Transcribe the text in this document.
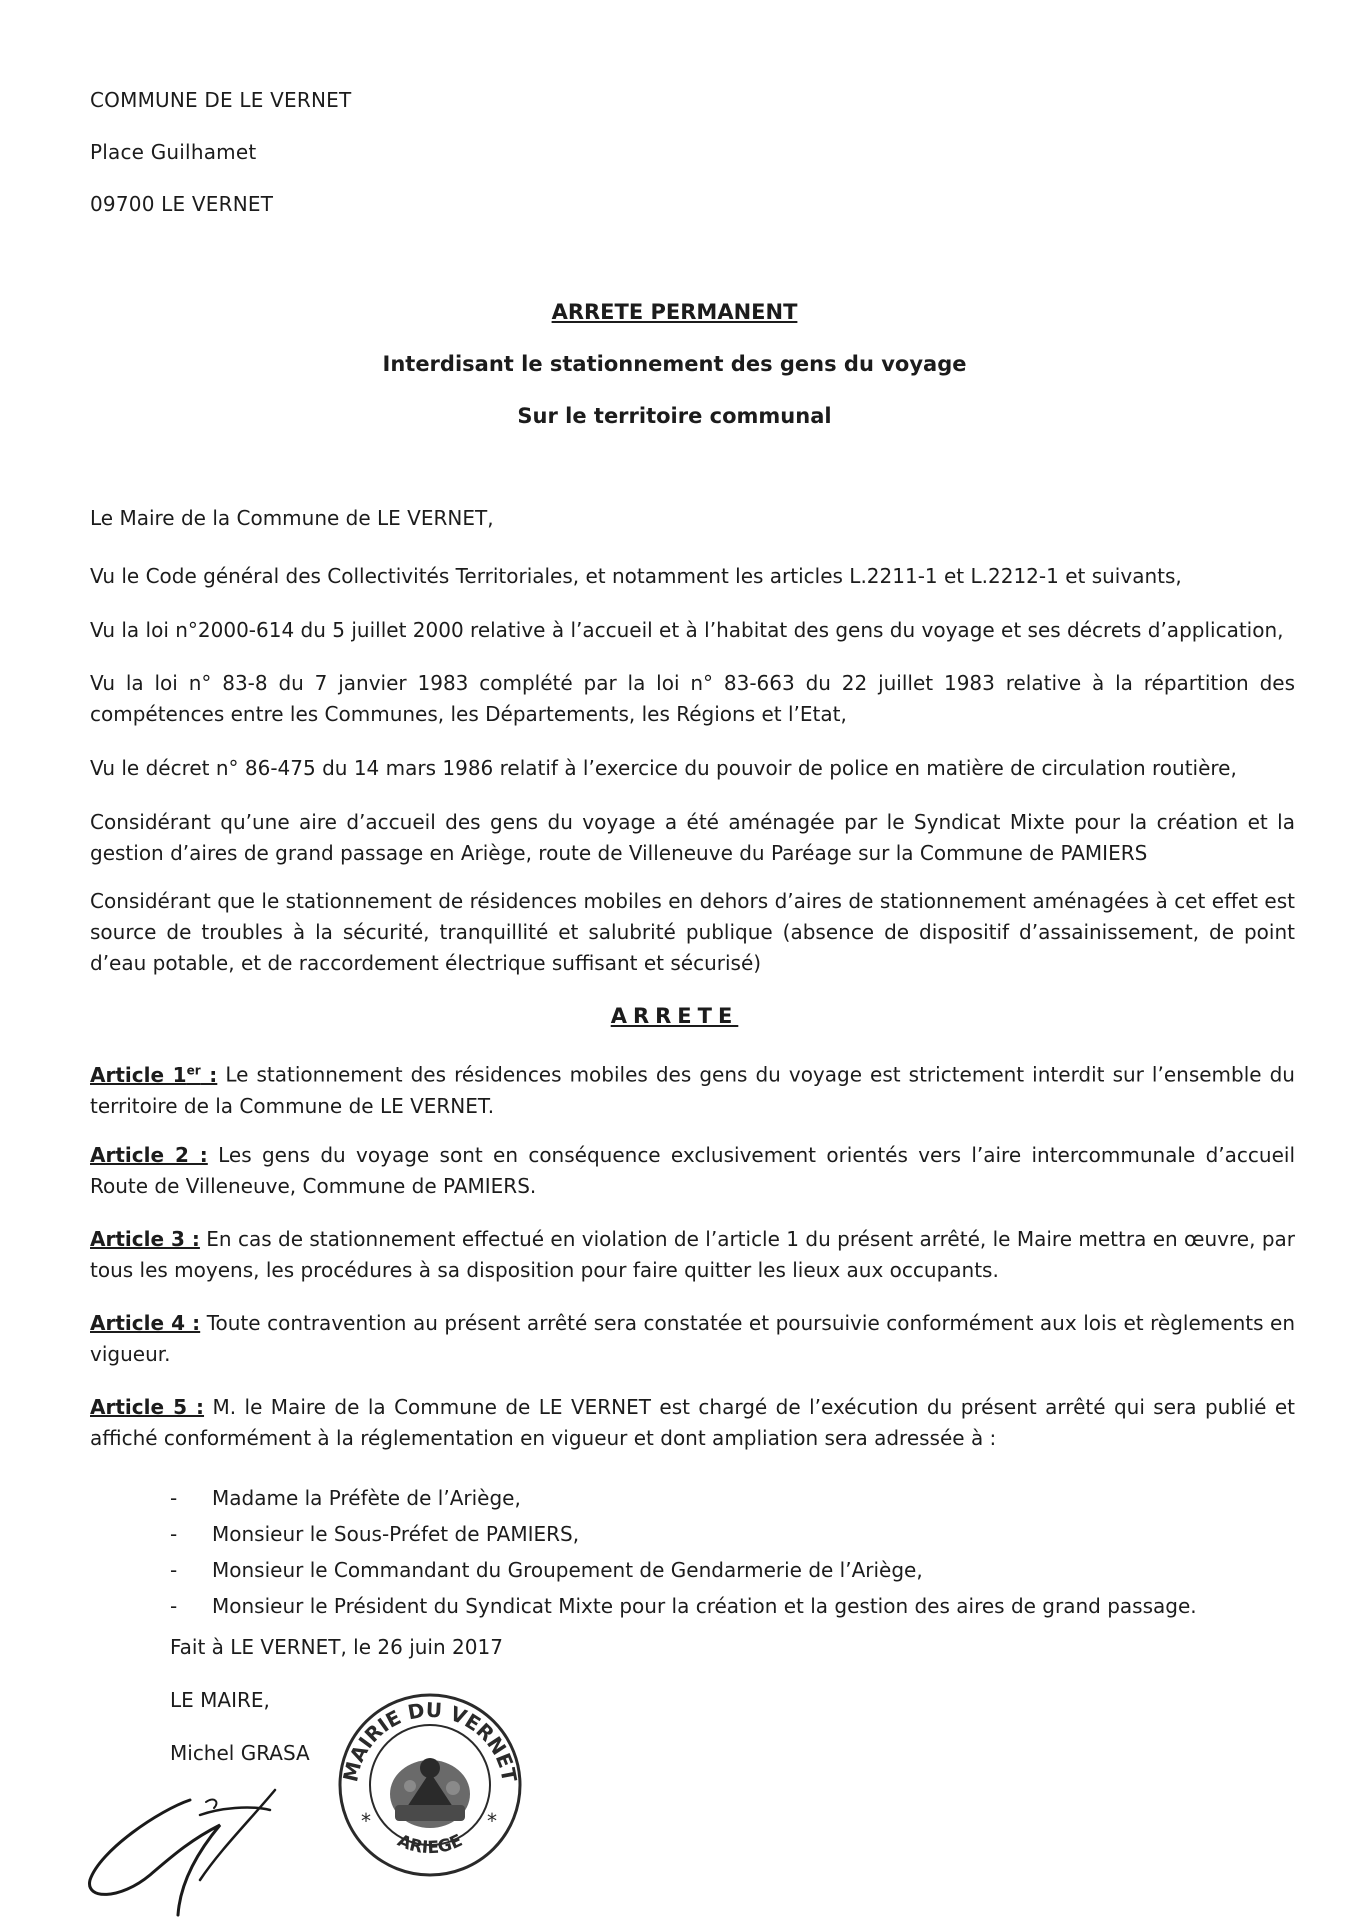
COMMUNE DE LE VERNET
Place Guilhamet
09700 LE VERNET
ARRETE PERMANENT
Interdisant le stationnement des gens du voyage
Sur le territoire communal
Le Maire de la Commune de LE VERNET,
Vu le Code général des Collectivités Territoriales, et notamment les articles L.2211-1 et L.2212-1 et suivants,
Vu la loi n°2000-614 du 5 juillet 2000 relative à l’accueil et à l’habitat des gens du voyage et ses décrets d’application,
Vu la loi n° 83-8 du 7 janvier 1983 complété par la loi n° 83-663 du 22 juillet 1983 relative à la répartition des compétences entre les Communes, les Départements, les Régions et l’Etat,
Vu le décret n° 86-475 du 14 mars 1986 relatif à l’exercice du pouvoir de police en matière de circulation routière,
Considérant qu’une aire d’accueil des gens du voyage a été aménagée par le Syndicat Mixte pour la création et la gestion d’aires de grand passage en Ariège, route de Villeneuve du Paréage sur la Commune de PAMIERS
Considérant que le stationnement de résidences mobiles en dehors d’aires de stationnement aménagées à cet effet est source de troubles à la sécurité, tranquillité et salubrité publique (absence de dispositif d’assainissement, de point d’eau potable, et de raccordement électrique suffisant et sécurisé)
ARRETE
Article 1er : Le stationnement des résidences mobiles des gens du voyage est strictement interdit sur l’ensemble du territoire de la Commune de LE VERNET.
Article 2 : Les gens du voyage sont en conséquence exclusivement orientés vers l’aire intercommunale d’accueil Route de Villeneuve, Commune de PAMIERS.
Article 3 : En cas de stationnement effectué en violation de l’article 1 du présent arrêté, le Maire mettra en œuvre, par tous les moyens, les procédures à sa disposition pour faire quitter les lieux aux occupants.
Article 4 : Toute contravention au présent arrêté sera constatée et poursuivie conformément aux lois et règlements en vigueur.
Article 5 : M. le Maire de la Commune de LE VERNET est chargé de l’exécution du présent arrêté qui sera publié et affiché conformément à la réglementation en vigueur et dont ampliation sera adressée à :
- Madame la Préfète de l’Ariège,
- Monsieur le Sous-Préfet de PAMIERS,
- Monsieur le Commandant du Groupement de Gendarmerie de l’Ariège,
- Monsieur le Président du Syndicat Mixte pour la création et la gestion des aires de grand passage.
Fait à LE VERNET, le 26 juin 2017
LE MAIRE,
Michel GRASA
MAIRIE DU VERNET
ARIEGE
*	*
